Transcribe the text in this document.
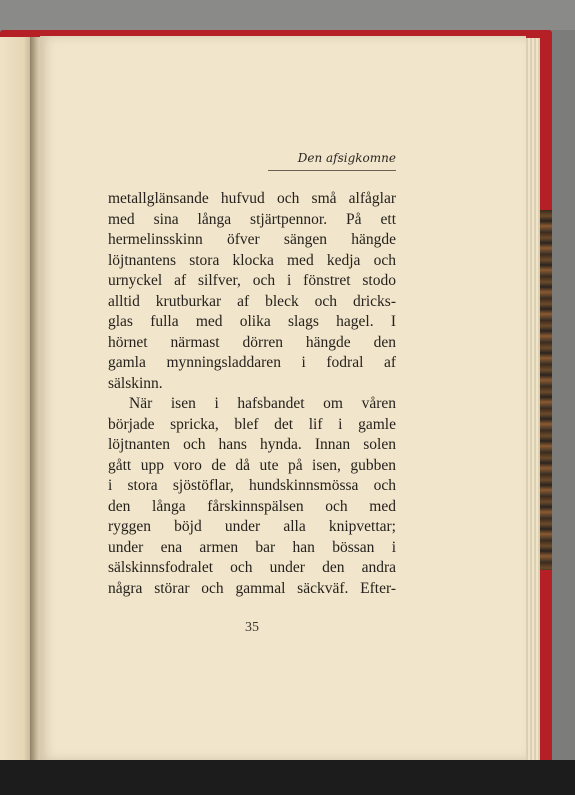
Den afsigkomne
metallglänsande hufvud och små alfåglar
med sina långa stjärtpennor. På ett
hermelinsskinn öfver sängen hängde
löjtnantens stora klocka med kedja och
urnyckel af silfver, och i fönstret stodo
alltid krutburkar af bleck och dricks-
glas fulla med olika slags hagel. I
hörnet närmast dörren hängde den
gamla mynningsladdaren i fodral af
sälskinn.
När isen i hafsbandet om våren
började spricka, blef det lif i gamle
löjtnanten och hans hynda. Innan solen
gått upp voro de då ute på isen, gubben
i stora sjöstöflar, hundskinnsmössa och
den långa fårskinnspälsen och med
ryggen böjd under alla knipvettar;
under ena armen bar han bössan i
sälskinnsfodralet och under den andra
några störar och gammal säckväf. Efter-
35
